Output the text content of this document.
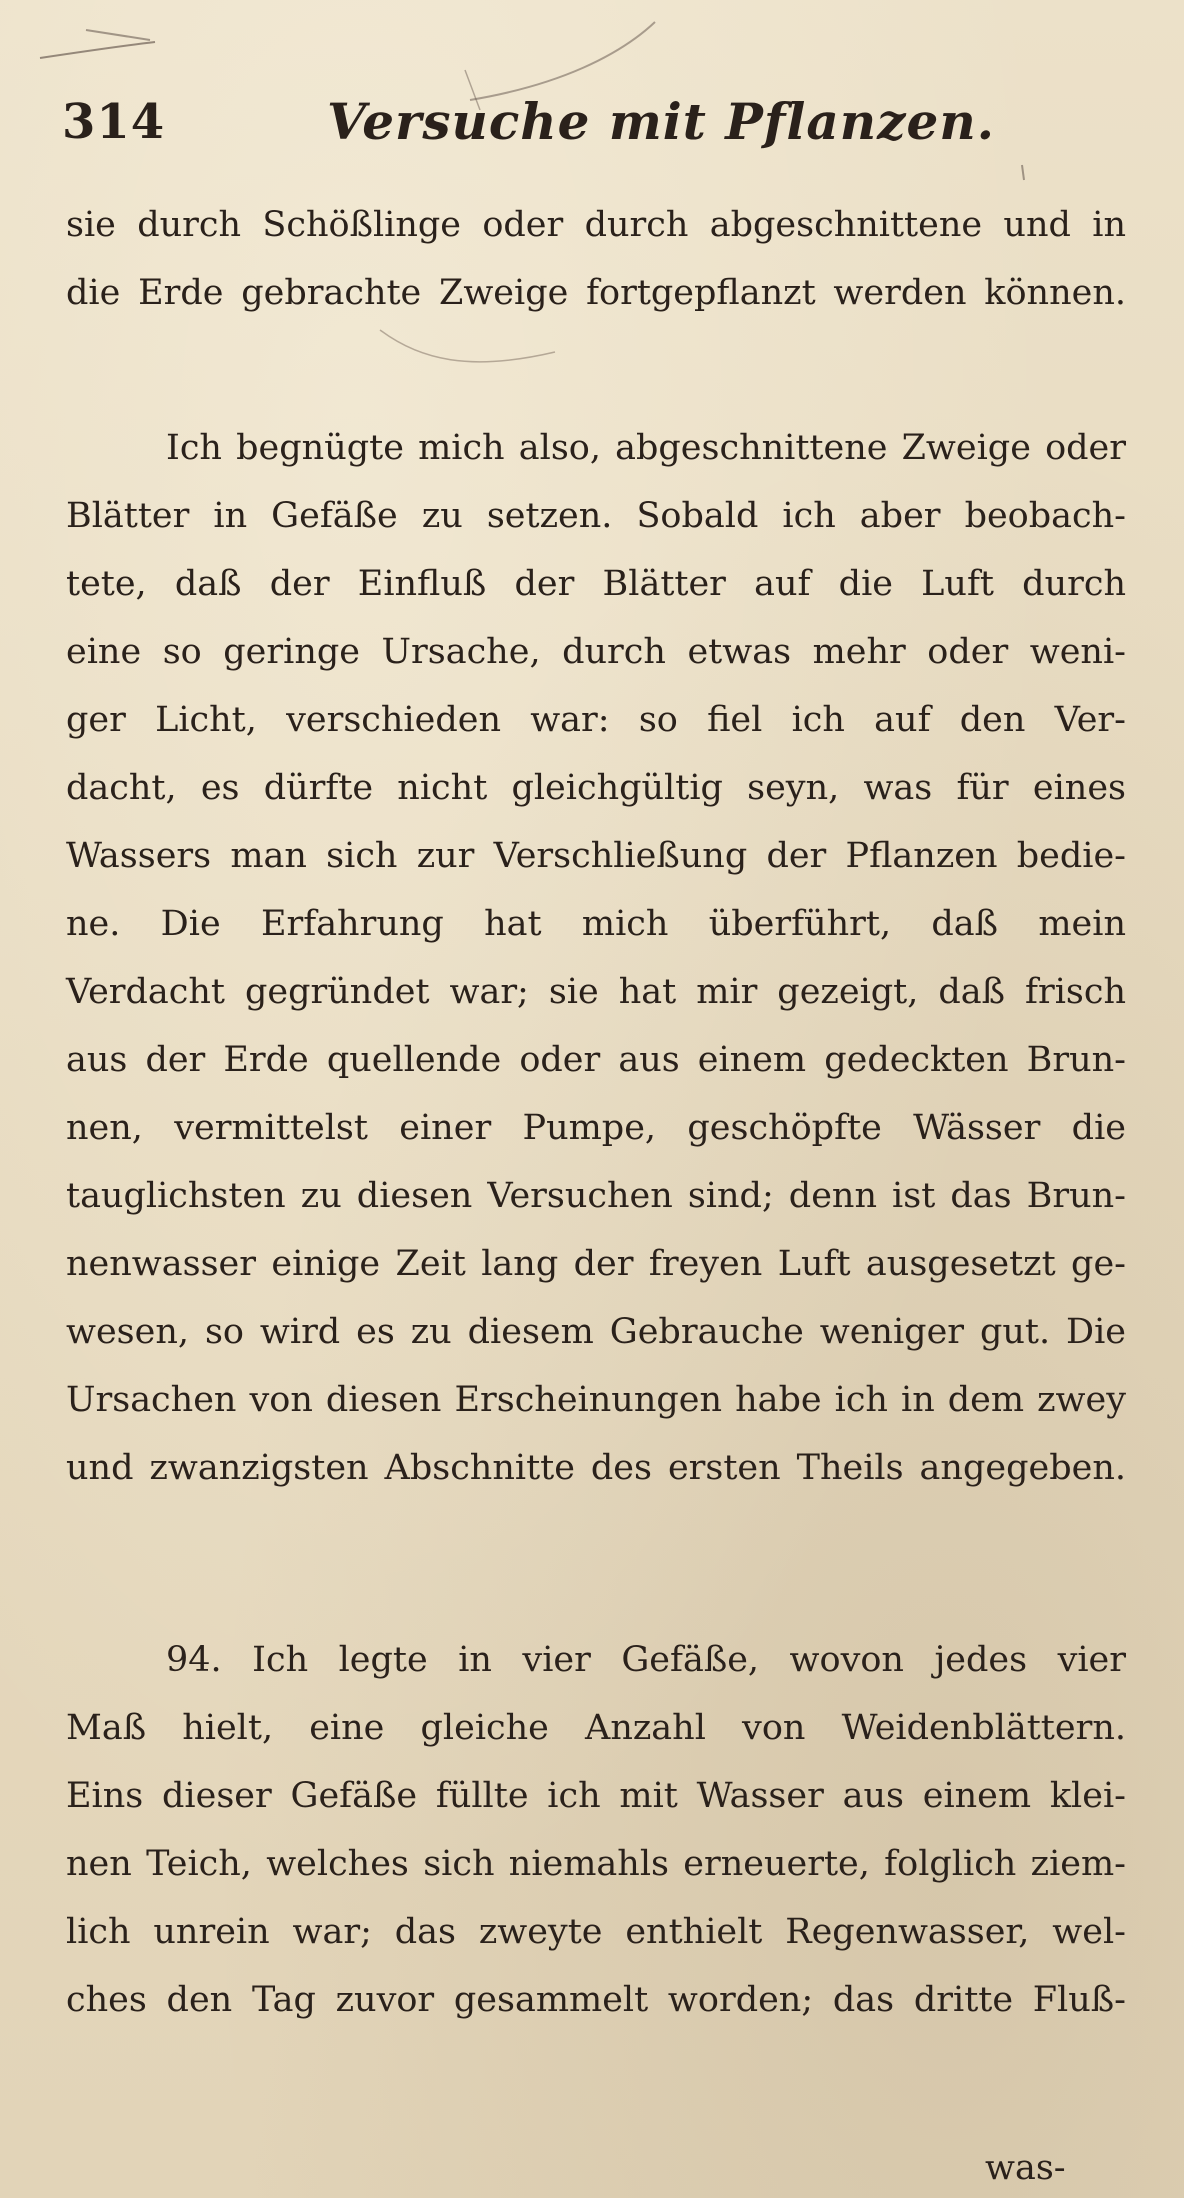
314	Versuche mit Pflanzen.
sie durch Schößlinge oder durch abgeschnittene und in
die Erde gebrachte Zweige fortgepflanzt werden können.
Ich begnügte mich also, abgeschnittene Zweige oder
Blätter in Gefäße zu setzen. Sobald ich aber beobach-
tete, daß der Einfluß der Blätter auf die Luft durch
eine so geringe Ursache, durch etwas mehr oder weni-
ger Licht, verschieden war: so fiel ich auf den Ver-
dacht, es dürfte nicht gleichgültig seyn, was für eines
Wassers man sich zur Verschließung der Pflanzen bedie-
ne. Die Erfahrung hat mich überführt, daß mein
Verdacht gegründet war; sie hat mir gezeigt, daß frisch
aus der Erde quellende oder aus einem gedeckten Brun-
nen, vermittelst einer Pumpe, geschöpfte Wässer die
tauglichsten zu diesen Versuchen sind; denn ist das Brun-
nenwasser einige Zeit lang der freyen Luft ausgesetzt ge-
wesen, so wird es zu diesem Gebrauche weniger gut. Die
Ursachen von diesen Erscheinungen habe ich in dem zwey
und zwanzigsten Abschnitte des ersten Theils angegeben.
94. Ich legte in vier Gefäße, wovon jedes vier
Maß hielt, eine gleiche Anzahl von Weidenblättern.
Eins dieser Gefäße füllte ich mit Wasser aus einem klei-
nen Teich, welches sich niemahls erneuerte, folglich ziem-
lich unrein war; das zweyte enthielt Regenwasser, wel-
ches den Tag zuvor gesammelt worden; das dritte Fluß-
was-
